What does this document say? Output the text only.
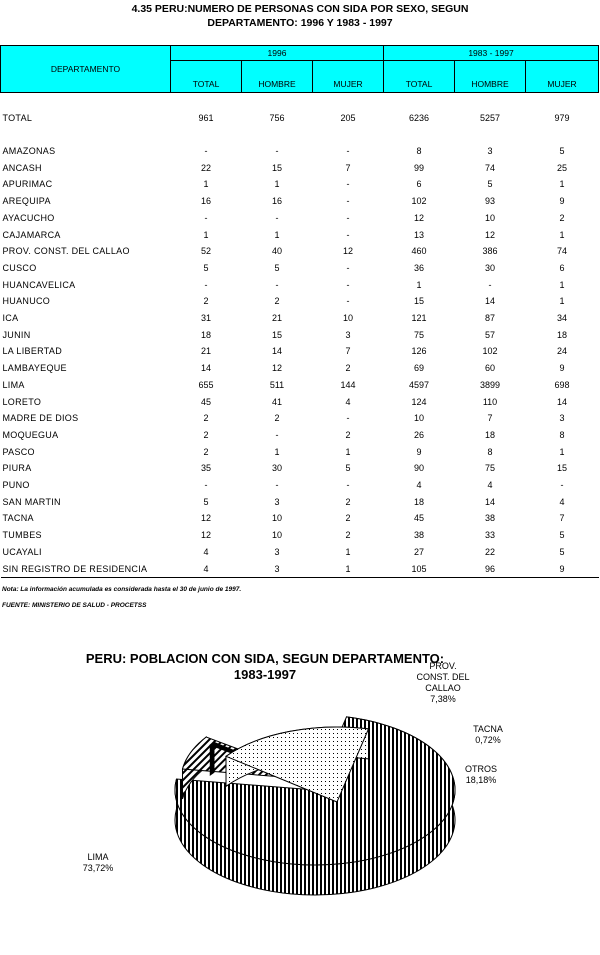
4.35 PERU:NUMERO DE PERSONAS CON SIDA POR SEXO, SEGUN
DEPARTAMENTO: 1996 Y 1983 - 1997
DEPARTAMENTO	1996			1983 - 1997		
	TOTAL	HOMBRE	MUJER	TOTAL	HOMBRE	MUJER

TOTAL	961	756	205	6236	5257	979

AMAZONAS	-	-	-	8	3	5
ANCASH	22	15	7	99	74	25
APURIMAC	1	1	-	6	5	1
AREQUIPA	16	16	-	102	93	9
AYACUCHO	-	-	-	12	10	2
CAJAMARCA	1	1	-	13	12	1
PROV. CONST. DEL CALLAO	52	40	12	460	386	74
CUSCO	5	5	-	36	30	6
HUANCAVELICA	-	-	-	1	-	1
HUANUCO	2	2	-	15	14	1
ICA	31	21	10	121	87	34
JUNIN	18	15	3	75	57	18
LA LIBERTAD	21	14	7	126	102	24
LAMBAYEQUE	14	12	2	69	60	9
LIMA	655	511	144	4597	3899	698
LORETO	45	41	4	124	110	14
MADRE DE DIOS	2	2	-	10	7	3
MOQUEGUA	2	-	2	26	18	8
PASCO	2	1	1	9	8	1
PIURA	35	30	5	90	75	15
PUNO	-	-	-	4	4	-
SAN MARTIN	5	3	2	18	14	4
TACNA	12	10	2	45	38	7
TUMBES	12	10	2	38	33	5
UCAYALI	4	3	1	27	22	5
SIN REGISTRO DE RESIDENCIA	4	3	1	105	96	9
Nota: La información acumulada es considerada hasta el 30 de junio de 1997.
FUENTE: MINISTERIO DE SALUD - PROCETSS
PERU: POBLACION CON SIDA, SEGUN DEPARTAMENTO:
1983-1997
PROV. CONST. DEL CALLAO
7,38%
TACNA
0,72%
OTROS
18,18%
LIMA
73,72%
